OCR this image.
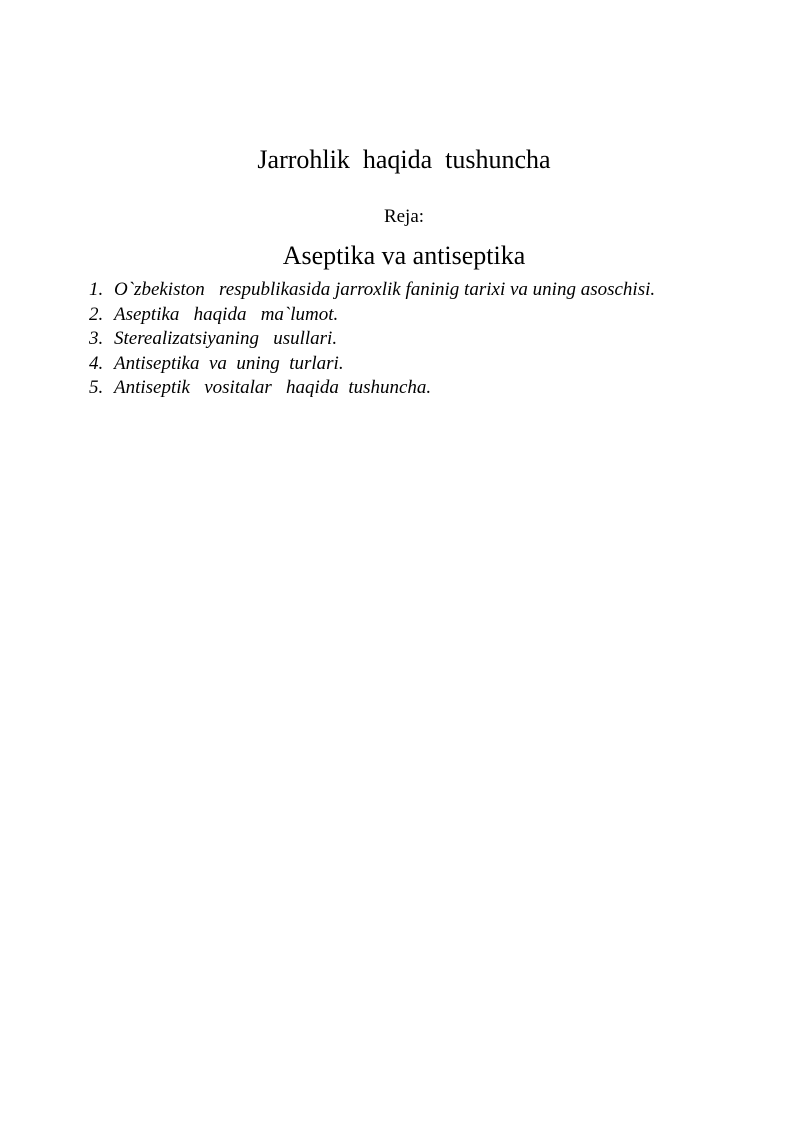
Jarrohlik  haqida  tushuncha

Aseptika va antiseptika

Reja:
1. O`zbekiston   respublikasida jarroxlik faninig tarixi va uning asoschisi.
2. Aseptika   haqida   ma`lumot.
3. Sterealizatsiyaning   usullari.
4. Antiseptika  va  uning  turlari.
5. Antiseptik   vositalar   haqida  tushuncha.
